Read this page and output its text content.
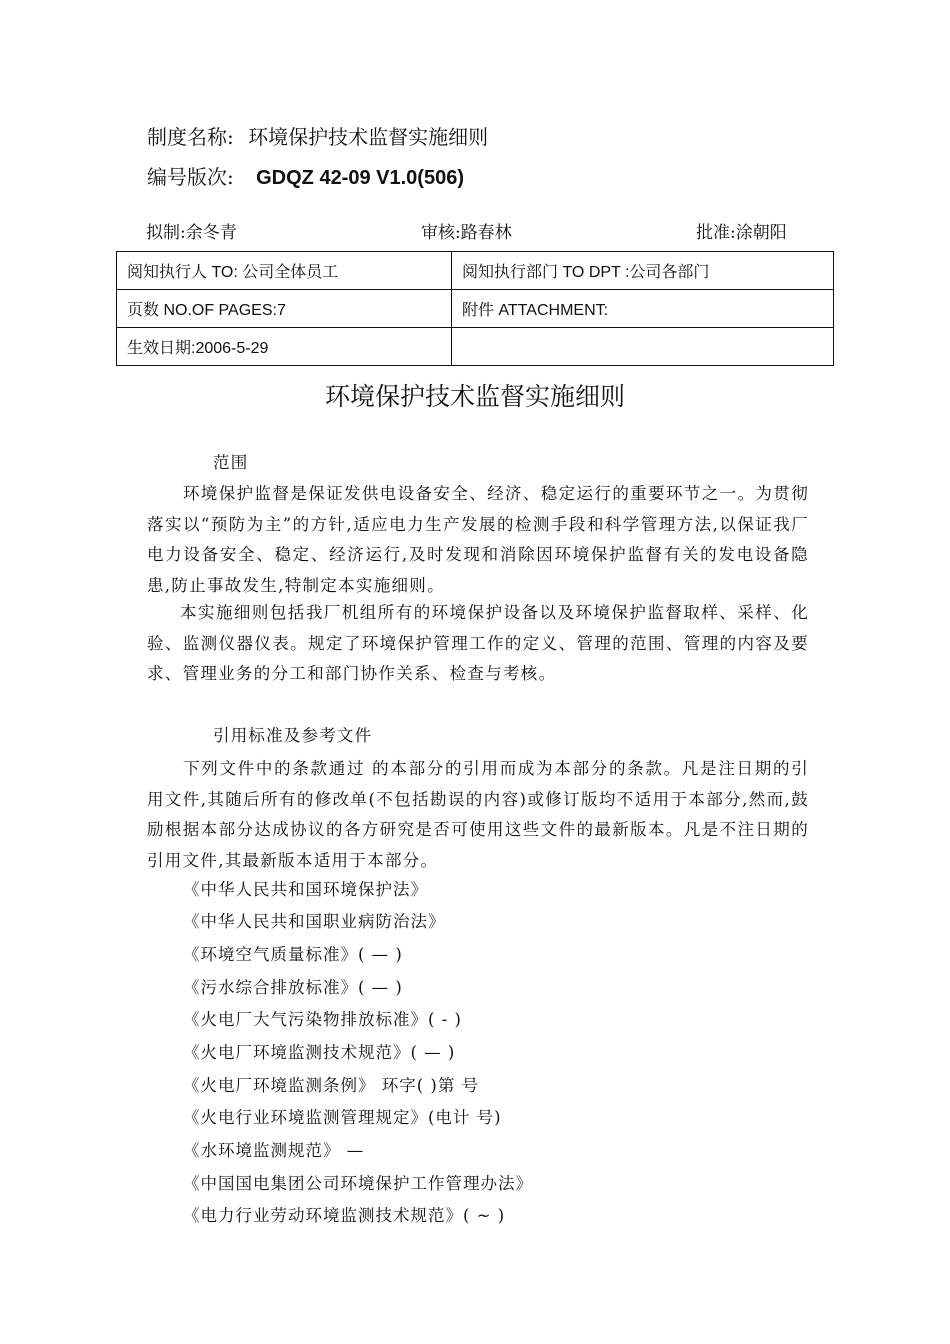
制度名称: 环境保护技术监督实施细则
编号版次: GDQZ 42-09 V1.0(506)
拟制:余冬青	审核:路春林	批准:涂朝阳
阅知执行人 TO: 公司全体员工	阅知执行部门 TO DPT :公司各部门
页数 NO.OF PAGES:7	附件 ATTACHMENT:
生效日期:2006-5-29	
环境保护技术监督实施细则
范围
环境保护监督是保证发供电设备安全、经济、稳定运行的重要环节之一。为贯彻落实以“预防为主”的方针,适应电力生产发展的检测手段和科学管理方法,以保证我厂电力设备安全、稳定、经济运行,及时发现和消除因环境保护监督有关的发电设备隐患,防止事故发生,特制定本实施细则。
本实施细则包括我厂机组所有的环境保护设备以及环境保护监督取样、采样、化验、监测仪器仪表。规定了环境保护管理工作的定义、管理的范围、管理的内容及要求、管理业务的分工和部门协作关系、检查与考核。
引用标准及参考文件
下列文件中的条款通过 的本部分的引用而成为本部分的条款。凡是注日期的引用文件,其随后所有的修改单(不包括勘误的内容)或修订版均不适用于本部分,然而,鼓励根据本部分达成协议的各方研究是否可使用这些文件的最新版本。凡是不注日期的引用文件,其最新版本适用于本部分。
《中华人民共和国环境保护法》
《中华人民共和国职业病防治法》
《环境空气质量标准》( — )
《污水综合排放标准》( — )
《火电厂大气污染物排放标准》( - )
《火电厂环境监测技术规范》( — )
《火电厂环境监测条例》 环字( )第 号
《火电行业环境监测管理规定》(电计 号)
《水环境监测规范》 —
《中国国电集团公司环境保护工作管理办法》
《电力行业劳动环境监测技术规范》( ~ )
